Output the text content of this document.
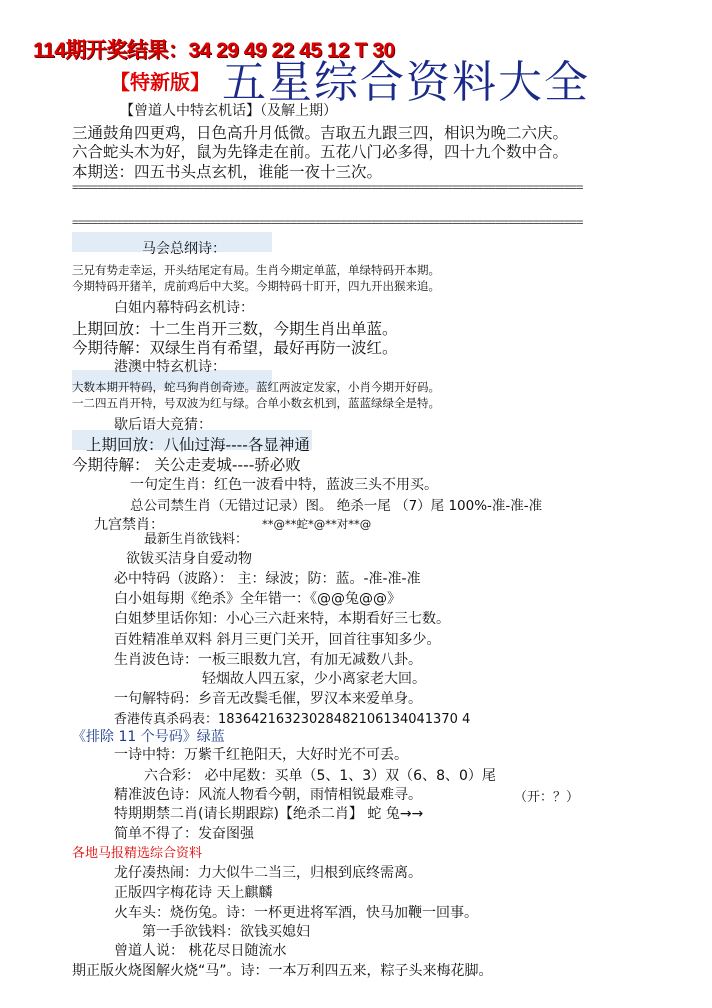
114期开奖结果：34 29 49 22 45 12 T 30
【特新版】 五星综合资料大全
【曾道人中特玄机话】（及解上期）
三通鼓角四更鸡，日色高升月低微。吉取五九跟三四，相识为晚二六庆。
六合蛇头木为好，鼠为先锋走在前。五花八门必多得，四十九个数中合。
本期送：四五书头点玄机，谁能一夜十三次。
==================================================================================
==================================================================================
马会总纲诗：
三兄有势走幸运，开头结尾定有局。生肖今期定单蓝，单绿特码开本期。
今期特码开猪羊，虎前鸡后中大奖。今期特码十盯开，四九开出猴来追。
白姐内幕特码玄机诗：
上期回放：十二生肖开三数，今期生肖出单蓝。
今期待解：双绿生肖有希望，最好再防一波红。
港澳中特玄机诗：
大数本期开特码，蛇马狗肖创奇迹。蓝红两波定发家，小肖今期开好码。
一二四五肖开特，号双波为红与绿。合单小数玄机到，蓝蓝绿绿全是特。
歇后语大竞猜：
上期回放：八仙过海----各显神通
今期待解： 关公走麦城----骄必败
一句定生肖：红色一波看中特，蓝波三头不用买。
总公司禁生肖（无错过记录）图。 绝杀一尾 （7）尾 100%-准-准-准
九宫禁肖：	**@**蛇*@**对**@
最新生肖欲钱料：
欲钹买洁身自爱动物
必中特码（波路）： 主：绿波；防：蓝。-准-准-准
白小姐每期《绝杀》全年错一：《@@兔@@》
白姐梦里话你知：小心三六赶来特，本期看好三七数。
百姓精准单双料 斜月三更门关开，回首往事知多少。
生肖波色诗：一板三眼数九宫，有加无减数八卦。
轻烟故人四五家，少小离家老大回。
一句解特码：乡音无改鬓毛催，罗汉本来爱单身。
香港传真杀码表：18364216323028482106134041370 4
《排除 11 个号码》绿蓝
一诗中特：万紫千红艳阳天，大好时光不可丢。
六合彩： 必中尾数：买单（5、1、3）双（6、8、0）尾
精准波色诗：风流人物看今朝，雨情相锐最难寻。	（开：？）
特期期禁二肖(请长期跟踪)【绝杀二肖】 蛇 兔→→
简单不得了：发奋图强
各地马报精选综合资料
龙仔凑热闹：力大似牛二当三，归根到底终需离。
正版四字梅花诗 天上麒麟
火车头：烧伤兔。诗：一杯更进将军酒，快马加鞭一回事。
第一手欲钱料：欲钱买媳妇
曾道人说： 桃花尽日随流水
期正版火烧图解火烧“马”。诗：一本万利四五来，粽子头来梅花脚。
